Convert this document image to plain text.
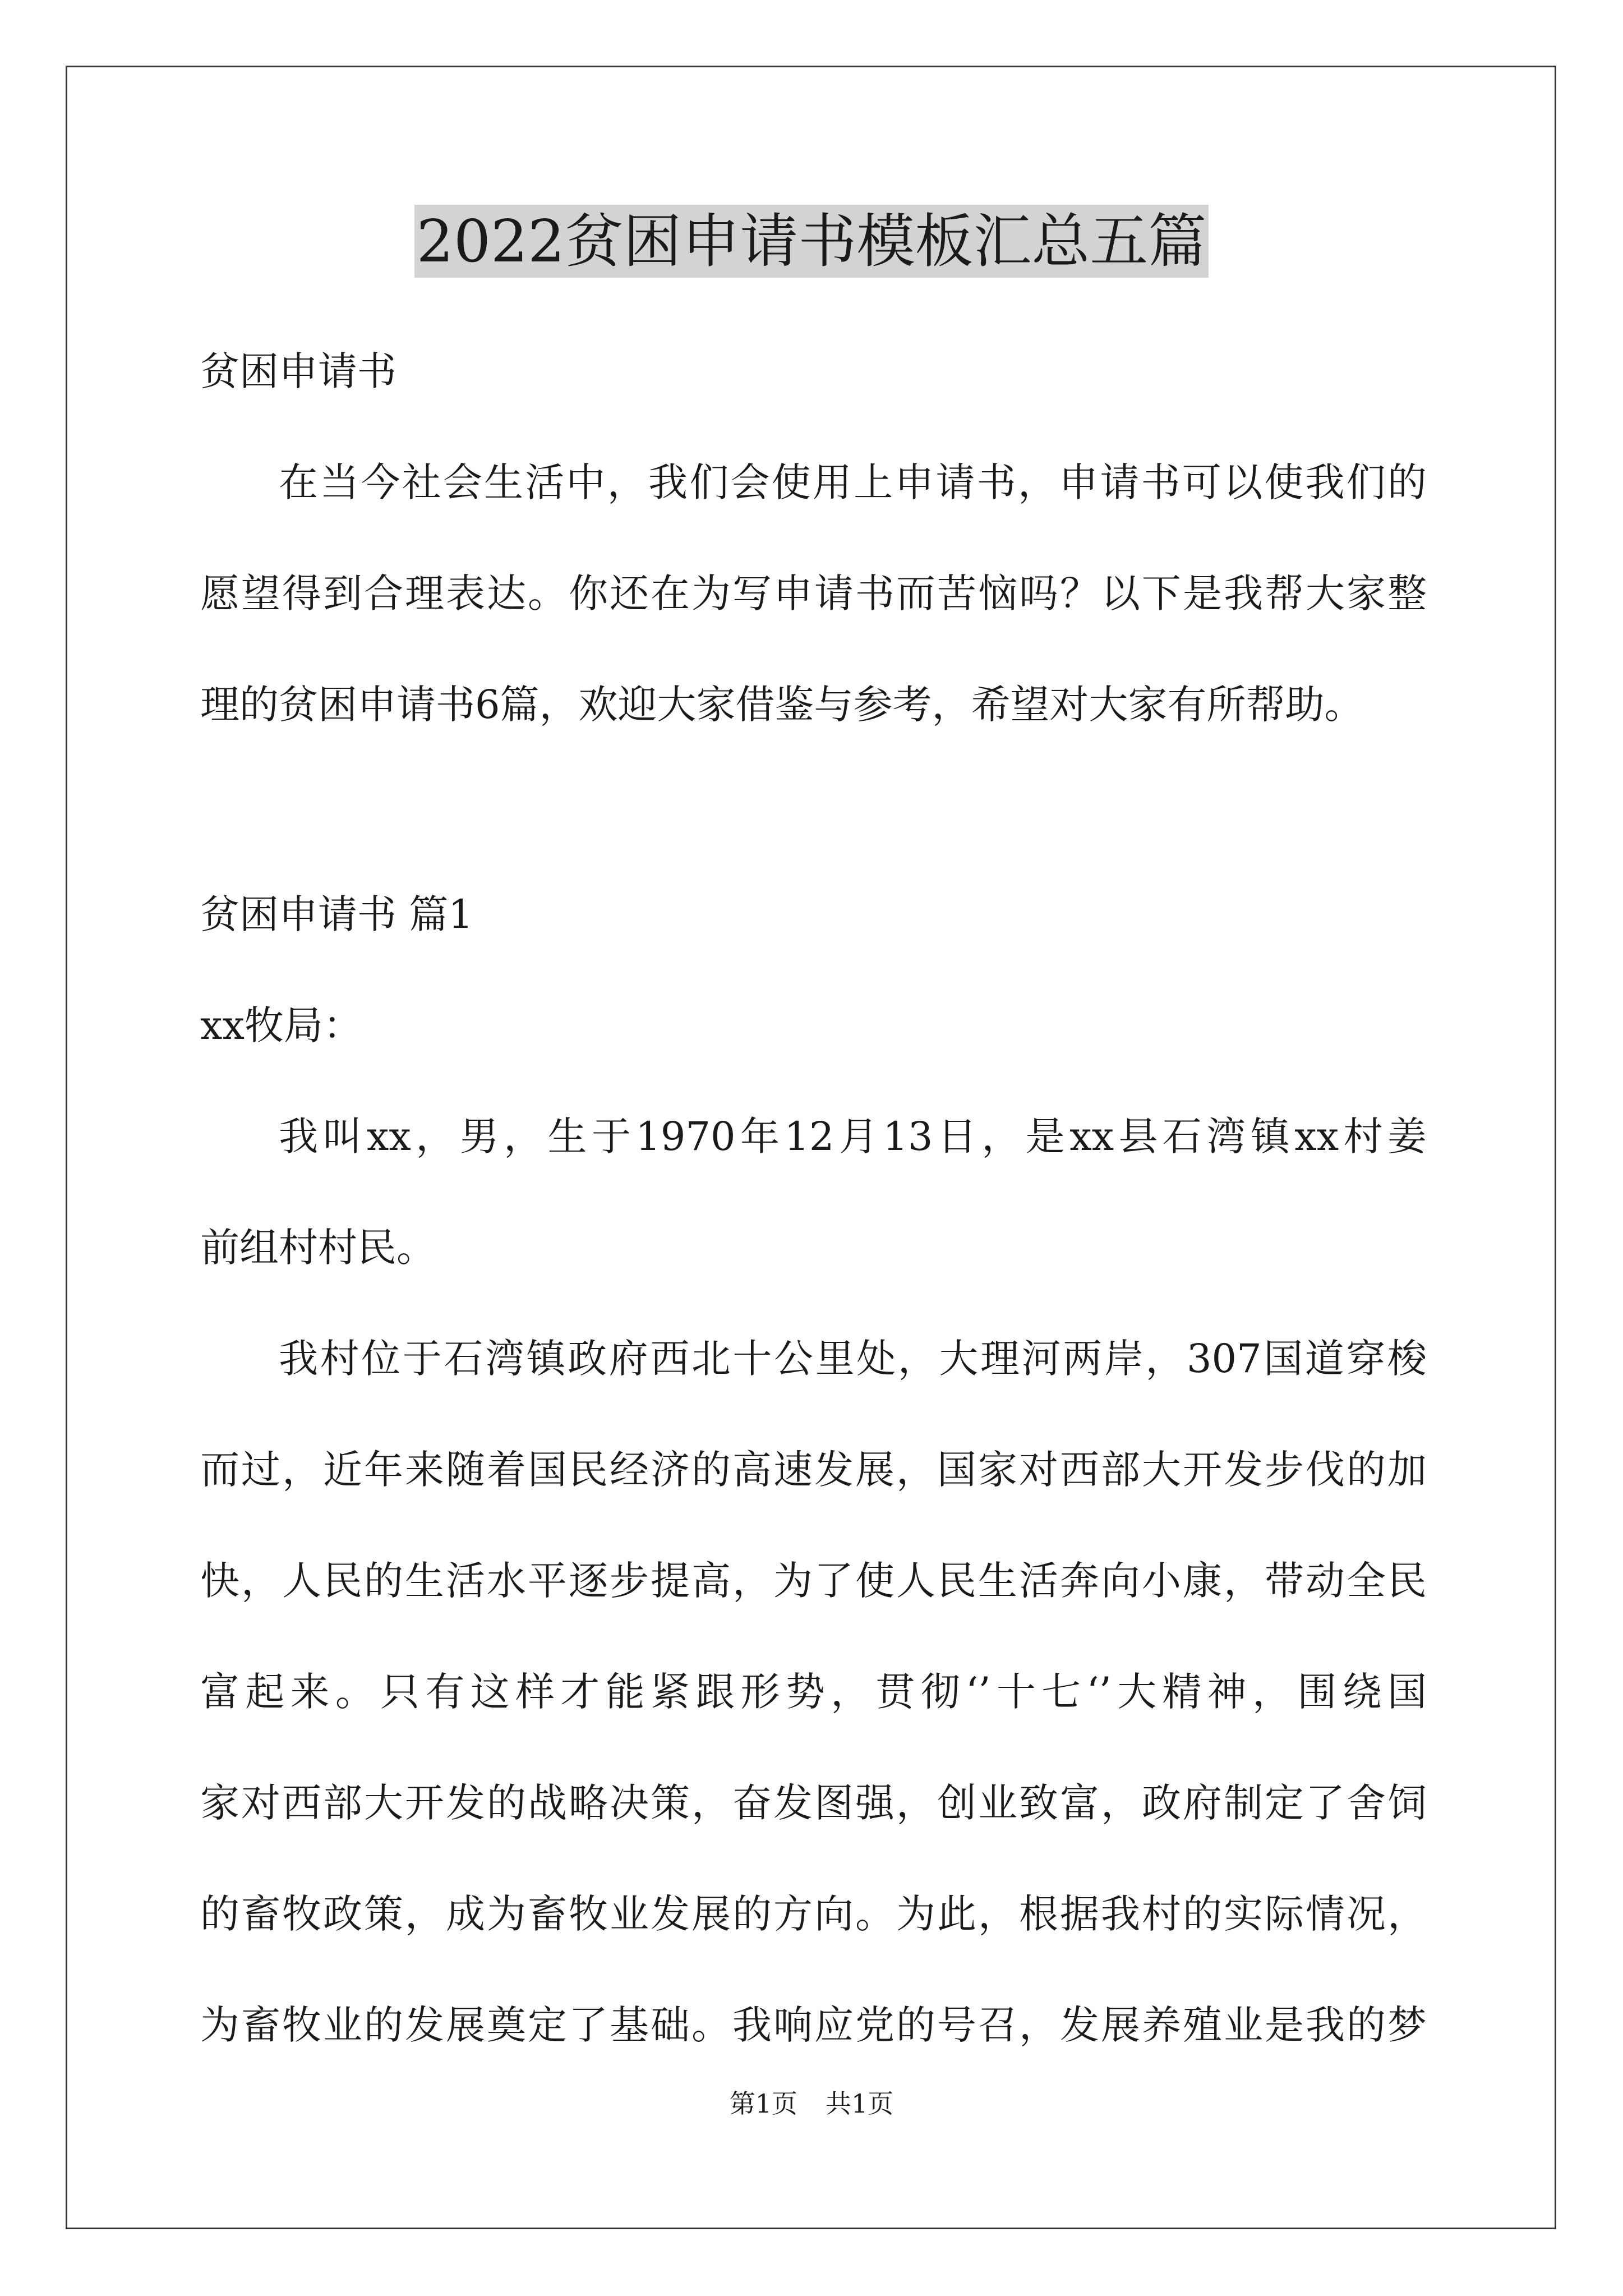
2022贫困申请书模板汇总五篇

贫困申请书

在当今社会生活中，我们会使用上申请书，申请书可以使我们的

愿望得到合理表达。你还在为写申请书而苦恼吗？以下是我帮大家整

理的贫困申请书6篇，欢迎大家借鉴与参考，希望对大家有所帮助。

贫困申请书 篇1

xx牧局：

我叫xx，男，生于1970年12月13日，是xx县石湾镇xx村姜

前组村村民。

我村位于石湾镇政府西北十公里处，大理河两岸，307国道穿梭

而过，近年来随着国民经济的高速发展，国家对西部大开发步伐的加

快，人民的生活水平逐步提高，为了使人民生活奔向小康，带动全民

富起来。只有这样才能紧跟形势，贯彻‘’十七‘’大精神，围绕国

家对西部大开发的战略决策，奋发图强，创业致富，政府制定了舍饲

的畜牧政策，成为畜牧业发展的方向。为此，根据我村的实际情况，

为畜牧业的发展奠定了基础。我响应党的号召，发展养殖业是我的梦

第1页 共1页
